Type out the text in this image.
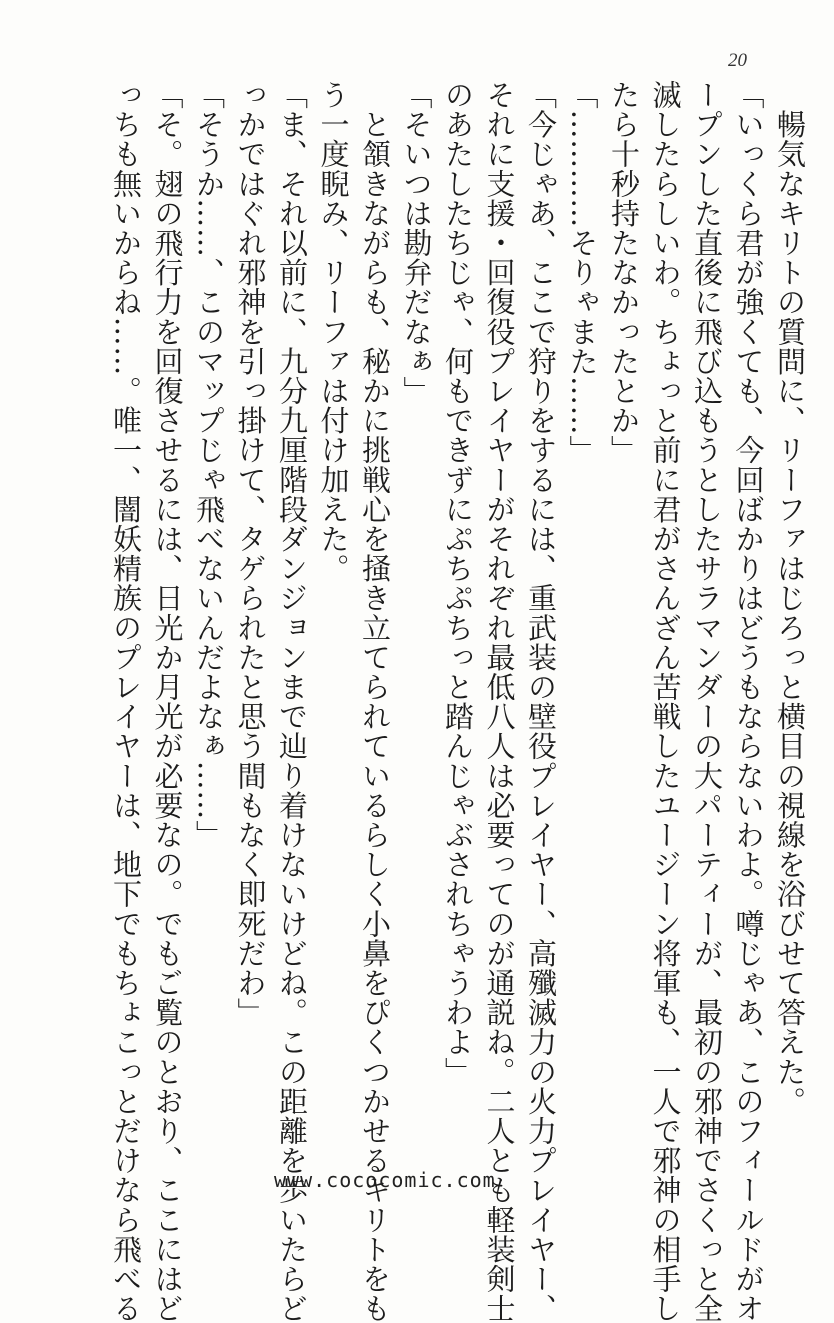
20
　暢気なキリトの質問に、リーファはじろっと横目の視線を浴びせて答えた。
「いっくら君が強くても、今回ばかりはどうもならないわよ。噂じゃあ、このフィールドがオ
ープンした直後に飛び込もうとしたサラマンダーの大パーティーが、最初の邪神でさくっと全
滅したらしいわ。ちょっと前に君がさんざん苦戦したユージーン将軍も、一人で邪神の相手し
たら十秒持たなかったとか」
「…………そりゃまた……」
「今じゃあ、ここで狩りをするには、重武装の壁役プレイヤー、高殲滅力の火力プレイヤー、
それに支援・回復役プレイヤーがそれぞれ最低八人は必要ってのが通説ね。二人とも軽装剣士
のあたしたちじゃ、何もできずにぷちぷちっと踏んじゃぶされちゃうわよ」
「そいつは勘弁だなぁ」
　と頷きながらも、秘かに挑戦心を掻き立てられているらしく小鼻をぴくつかせるキリトをも
う一度睨み、リーファは付け加えた。
「ま、それ以前に、九分九厘階段ダンジョンまで辿り着けないけどね。この距離を歩いたらど
っかではぐれ邪神を引っ掛けて、タゲられたと思う間もなく即死だわ」
「そうか……、このマップじゃ飛べないんだよなぁ……」
「そ。翅の飛行力を回復させるには、日光か月光が必要なの。でもご覧のとおり、ここにはど
っちも無いからね……。唯一、闇妖精族のプレイヤーは、地下でもちょこっとだけなら飛べる	www.cococomic.com
